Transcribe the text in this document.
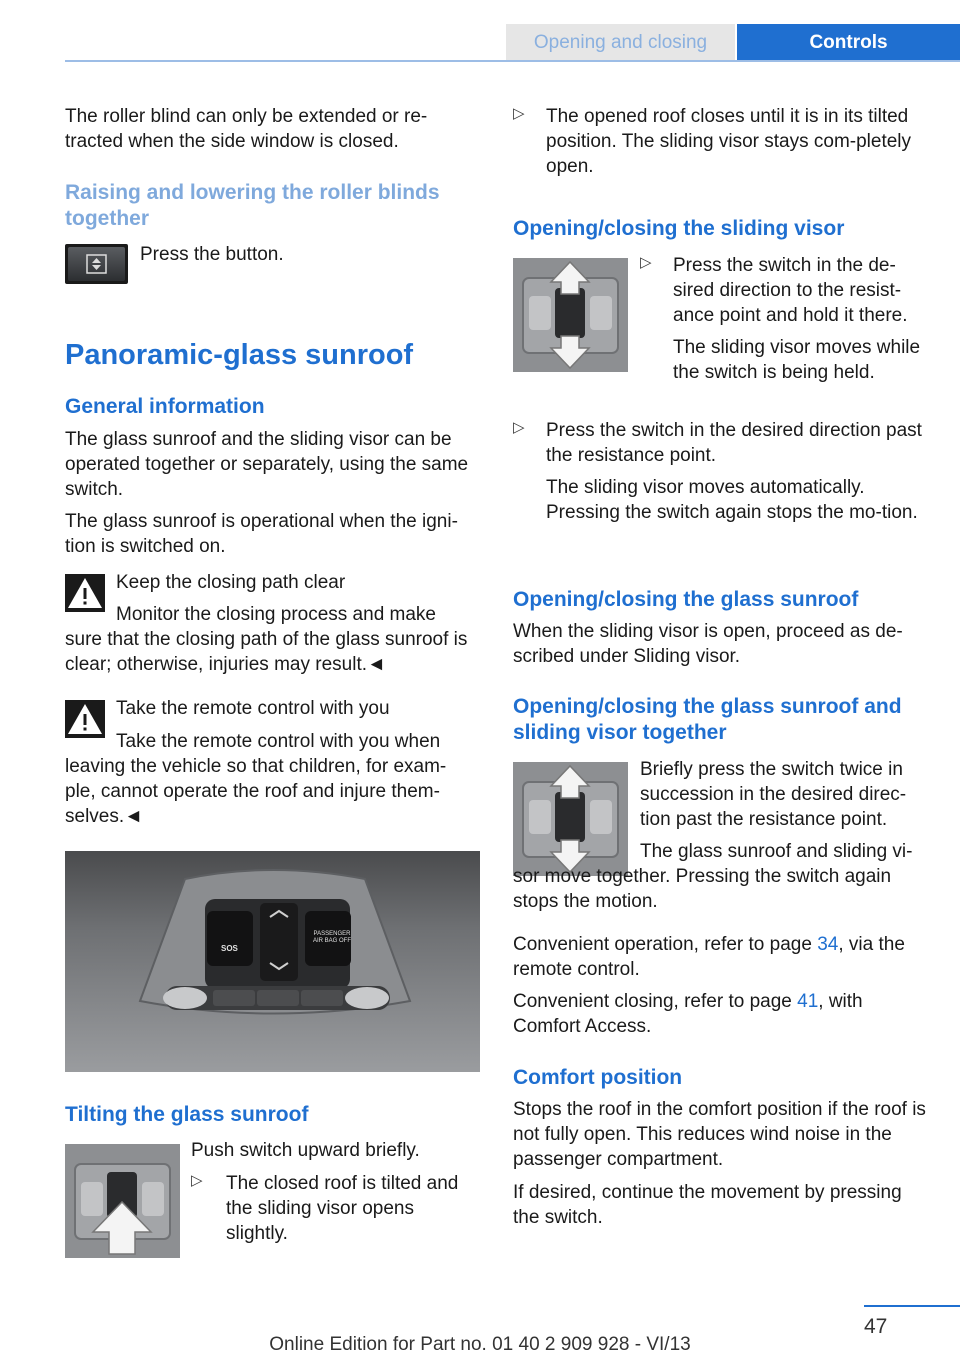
Opening and closing	Controls

The roller blind can only be extended or re-tracted when the side window is closed.

Raising and lowering the roller blinds together

Press the button.

Panoramic-glass sunroof

General information

The glass sunroof and the sliding visor can be operated together or separately, using the same switch.

The glass sunroof is operational when the igni-tion is switched on.

Keep the closing path clear

Monitor the closing process and make sure that the closing path of the glass sunroof is clear; otherwise, injuries may result.◄

Take the remote control with you

Take the remote control with you when leaving the vehicle so that children, for exam-ple, cannot operate the roof and injure them-selves.◄

SOS
PASSENGER AIR BAG OFF

Tilting the glass sunroof

Push switch upward briefly.

▷ The closed roof is tilted and the sliding visor opens slightly.

▷ The opened roof closes until it is in its tilted position. The sliding visor stays com-pletely open.

Opening/closing the sliding visor

▷ Press the switch in the de-sired direction to the resist-ance point and hold it there.

The sliding visor moves while the switch is being held.

▷ Press the switch in the desired direction past the resistance point.

The sliding visor moves automatically. Pressing the switch again stops the mo-tion.

Opening/closing the glass sunroof

When the sliding visor is open, proceed as de-scribed under Sliding visor.

Opening/closing the glass sunroof and sliding visor together

Briefly press the switch twice in succession in the desired direc-tion past the resistance point.

The glass sunroof and sliding vi-sor move together. Pressing the switch again stops the motion.

Convenient operation, refer to page 34, via the remote control.

Convenient closing, refer to page 41, with Comfort Access.

Comfort position

Stops the roof in the comfort position if the roof is not fully open. This reduces wind noise in the passenger compartment.

If desired, continue the movement by pressing the switch.

47
Online Edition for Part no. 01 40 2 909 928 - VI/13
